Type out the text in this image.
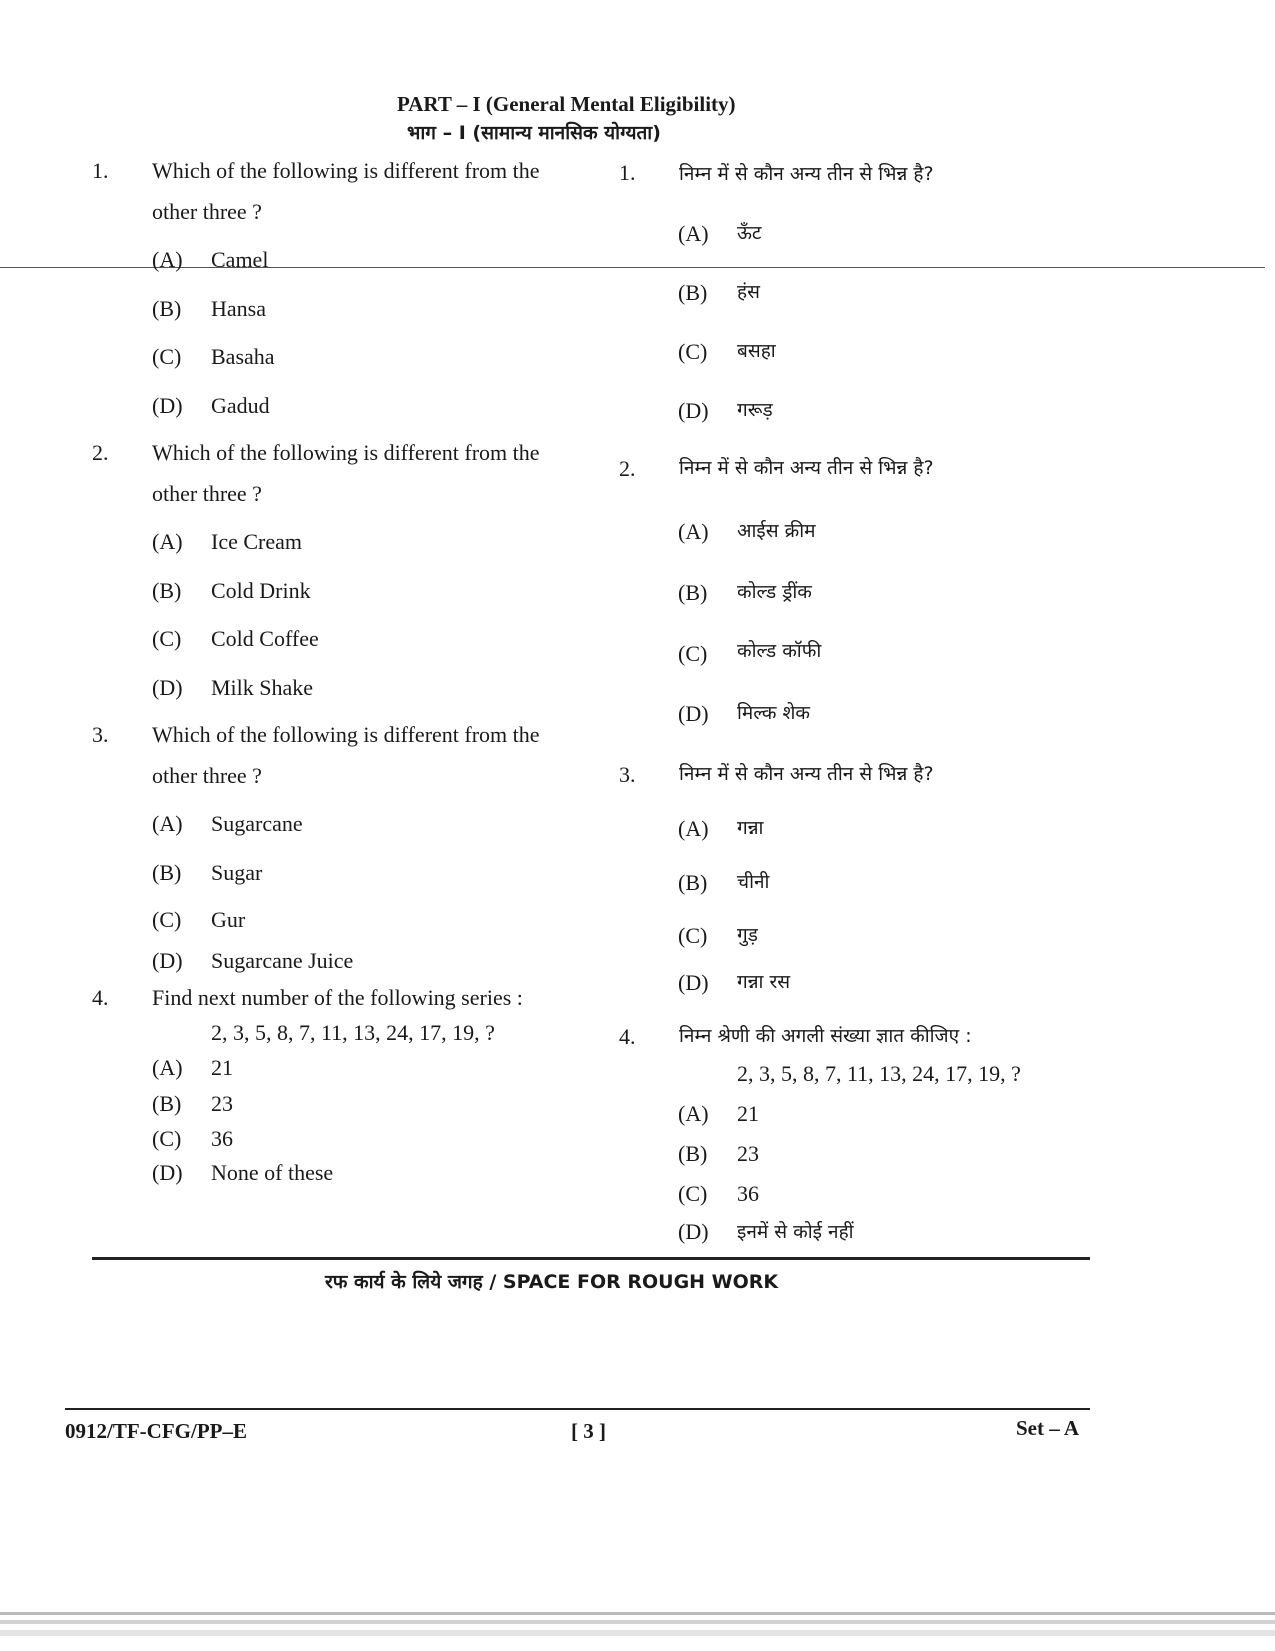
PART – I (General Mental Eligibility)
भाग – I (सामान्य मानसिक योग्यता)
1. Which of the following is different from the
other three ?
(A) Camel
(B) Hansa
(C) Basaha
(D) Gadud
2. Which of the following is different from the
other three ?
(A) Ice Cream
(B) Cold Drink
(C) Cold Coffee
(D) Milk Shake
3. Which of the following is different from the
other three ?
(A) Sugarcane
(B) Sugar
(C) Gur
(D) Sugarcane Juice
4. Find next number of the following series :
2, 3, 5, 8, 7, 11, 13, 24, 17, 19, ?
(A) 21
(B) 23
(C) 36
(D) None of these
1. निम्न में से कौन अन्य तीन से भिन्न है?
(A) ऊँट
(B) हंस
(C) बसहा
(D) गरूड़
2. निम्न में से कौन अन्य तीन से भिन्न है?
(A) आईस क्रीम
(B) कोल्ड ड्रींक
(C) कोल्ड कॉफी
(D) मिल्क शेक
3. निम्न में से कौन अन्य तीन से भिन्न है?
(A) गन्ना
(B) चीनी
(C) गुड़
(D) गन्ना रस
4. निम्न श्रेणी की अगली संख्या ज्ञात कीजिए :
2, 3, 5, 8, 7, 11, 13, 24, 17, 19, ?
(A) 21
(B) 23
(C) 36
(D) इनमें से कोई नहीं
रफ कार्य के लिये जगह / SPACE FOR ROUGH WORK
0912/TF-CFG/PP–E	[ 3 ]	Set – A
